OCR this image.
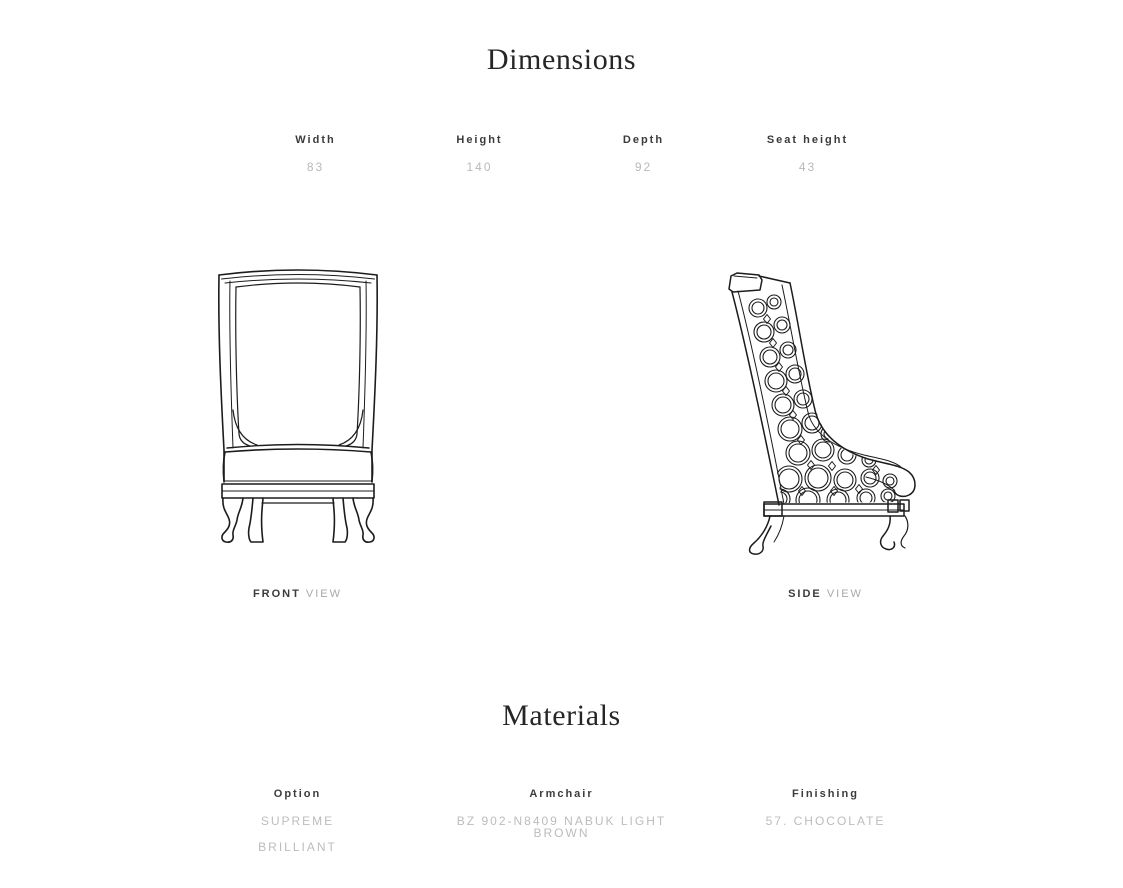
Dimensions
Width
83
Height
140
Depth
92
Seat height
43
FRONT VIEW	SIDE VIEW
Materials
Option
SUPREME
BRILLIANT
Armchair
BZ 902-N8409 NABUK LIGHT BROWN
Finishing
57. CHOCOLATE
